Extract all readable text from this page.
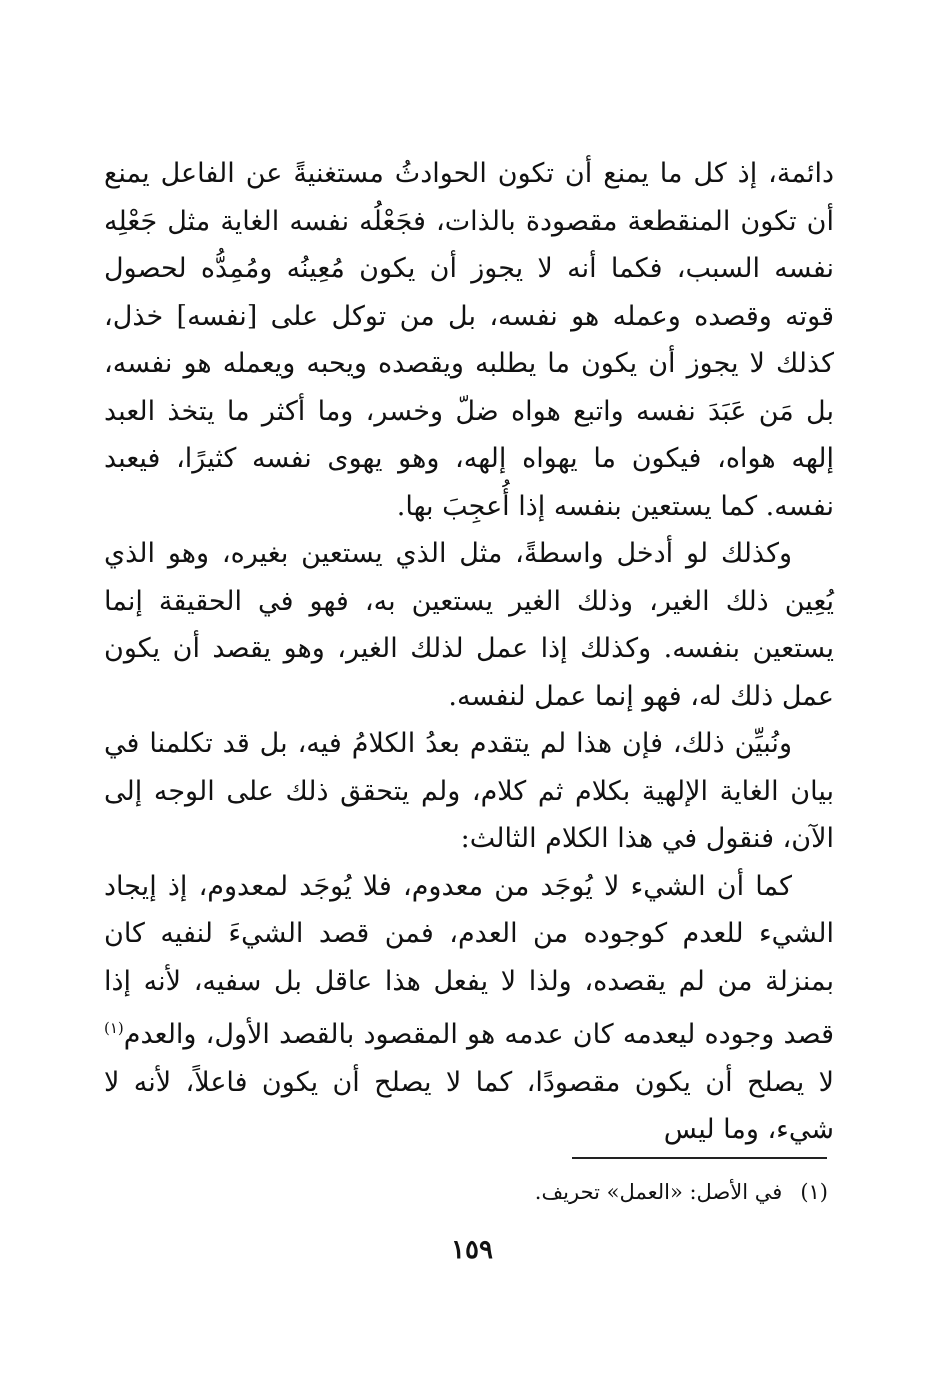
دائمة، إذ كل ما يمنع أن تكون الحوادثُ مستغنيةً عن الفاعل يمنع أن تكون المنقطعة مقصودة بالذات، فجَعْلُه نفسه الغاية مثل جَعْلِه نفسه السبب، فكما أنه لا يجوز أن يكون مُعِينُه ومُمِدُّه لحصول قوته وقصده وعمله هو نفسه، بل من توكل على [نفسه] خذل، كذلك لا يجوز أن يكون ما يطلبه ويقصده ويحبه ويعمله هو نفسه، بل مَن عَبَدَ نفسه واتبع هواه ضلّ وخسر، وما أكثر ما يتخذ العبد إلهه هواه، فيكون ما يهواه إلهه، وهو يهوى نفسه كثيرًا، فيعبد نفسه. كما يستعين بنفسه إذا أُعجِبَ بها.

وكذلك لو أدخل واسطةً، مثل الذي يستعين بغيره، وهو الذي يُعِين ذلك الغير، وذلك الغير يستعين به، فهو في الحقيقة إنما يستعين بنفسه. وكذلك إذا عمل لذلك الغير، وهو يقصد أن يكون عمل ذلك له، فهو إنما عمل لنفسه.

ونُبيِّن ذلك، فإن هذا لم يتقدم بعدُ الكلامُ فيه، بل قد تكلمنا في بيان الغاية الإلهية بكلام ثم كلام، ولم يتحقق ذلك على الوجه إلى الآن، فنقول في هذا الكلام الثالث:

كما أن الشيء لا يُوجَد من معدوم، فلا يُوجَد لمعدوم، إذ إيجاد الشيء للعدم كوجوده من العدم، فمن قصد الشيءَ لنفيه كان بمنزلة من لم يقصده، ولذا لا يفعل هذا عاقل بل سفيه، لأنه إذا قصد وجوده ليعدمه كان عدمه هو المقصود بالقصد الأول، والعدم$^{(١)}$ لا يصلح أن يكون مقصودًا، كما لا يصلح أن يكون فاعلاً، لأنه لا شيء، وما ليس

(١)في الأصل: «العمل» تحريف.
١٥٩
